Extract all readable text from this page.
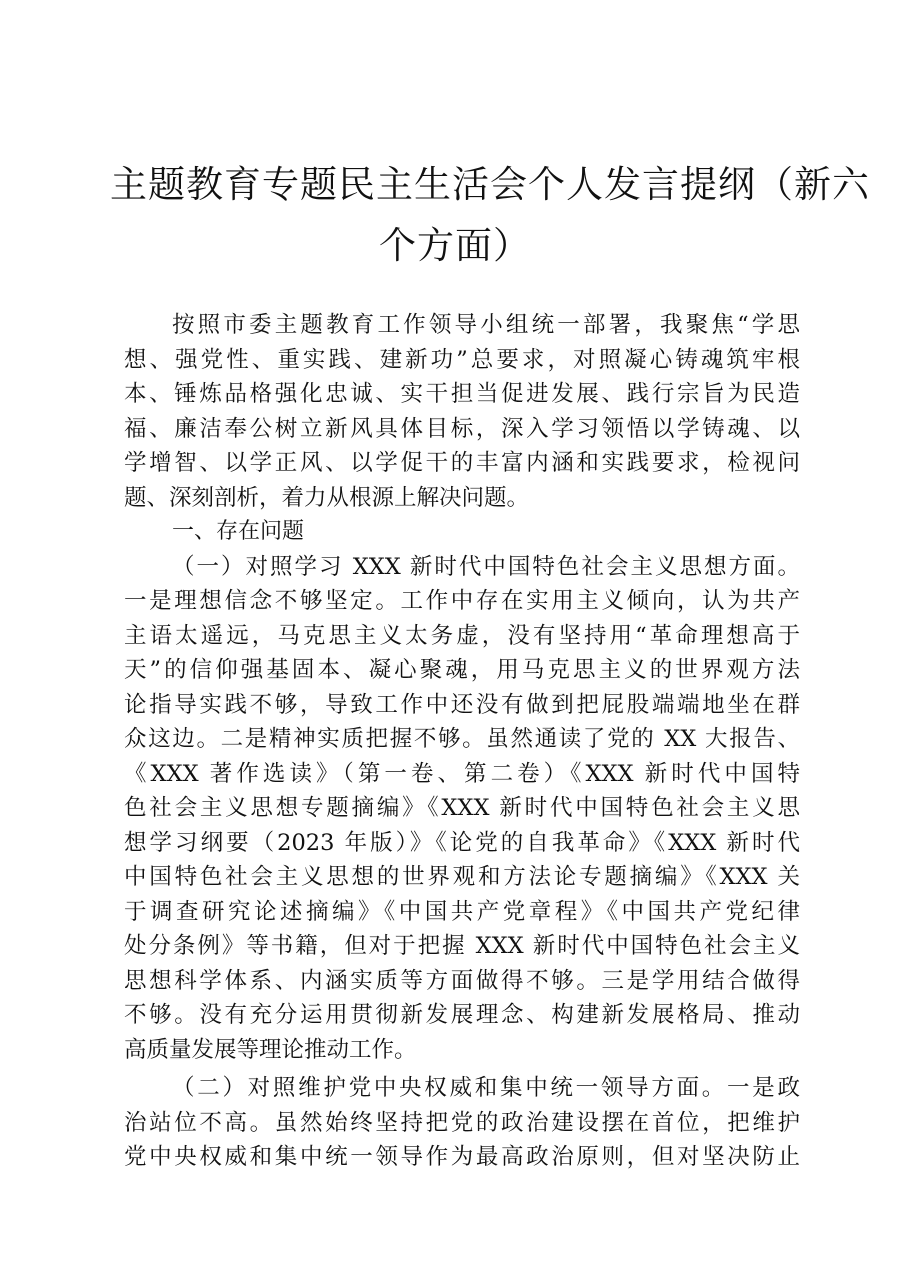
主题教育专题民主生活会个人发言提纲（新六
个方面）
按照市委主题教育工作领导小组统一部署，我聚焦“学思
想、强党性、重实践、建新功”总要求，对照凝心铸魂筑牢根
本、锤炼品格强化忠诚、实干担当促进发展、践行宗旨为民造
福、廉洁奉公树立新风具体目标，深入学习领悟以学铸魂、以
学增智、以学正风、以学促干的丰富内涵和实践要求，检视问
题、深刻剖析，着力从根源上解决问题。
一、存在问题
（一）对照学习 XXX 新时代中国特色社会主义思想方面。
一是理想信念不够坚定。工作中存在实用主义倾向，认为共产
主语太遥远，马克思主义太务虚，没有坚持用“革命理想高于
天”的信仰强基固本、凝心聚魂，用马克思主义的世界观方法
论指导实践不够，导致工作中还没有做到把屁股端端地坐在群
众这边。二是精神实质把握不够。虽然通读了党的 XX 大报告、
《XXX 著作选读》（第一卷、第二卷）《XXX 新时代中国特
色社会主义思想专题摘编》《XXX 新时代中国特色社会主义思
想学习纲要（2023 年版）》《论党的自我革命》《XXX 新时代
中国特色社会主义思想的世界观和方法论专题摘编》《XXX 关
于调查研究论述摘编》《中国共产党章程》《中国共产党纪律
处分条例》等书籍，但对于把握 XXX 新时代中国特色社会主义
思想科学体系、内涵实质等方面做得不够。三是学用结合做得
不够。没有充分运用贯彻新发展理念、构建新发展格局、推动
高质量发展等理论推动工作。
（二）对照维护党中央权威和集中统一领导方面。一是政
治站位不高。虽然始终坚持把党的政治建设摆在首位，把维护
党中央权威和集中统一领导作为最高政治原则，但对坚决防止
